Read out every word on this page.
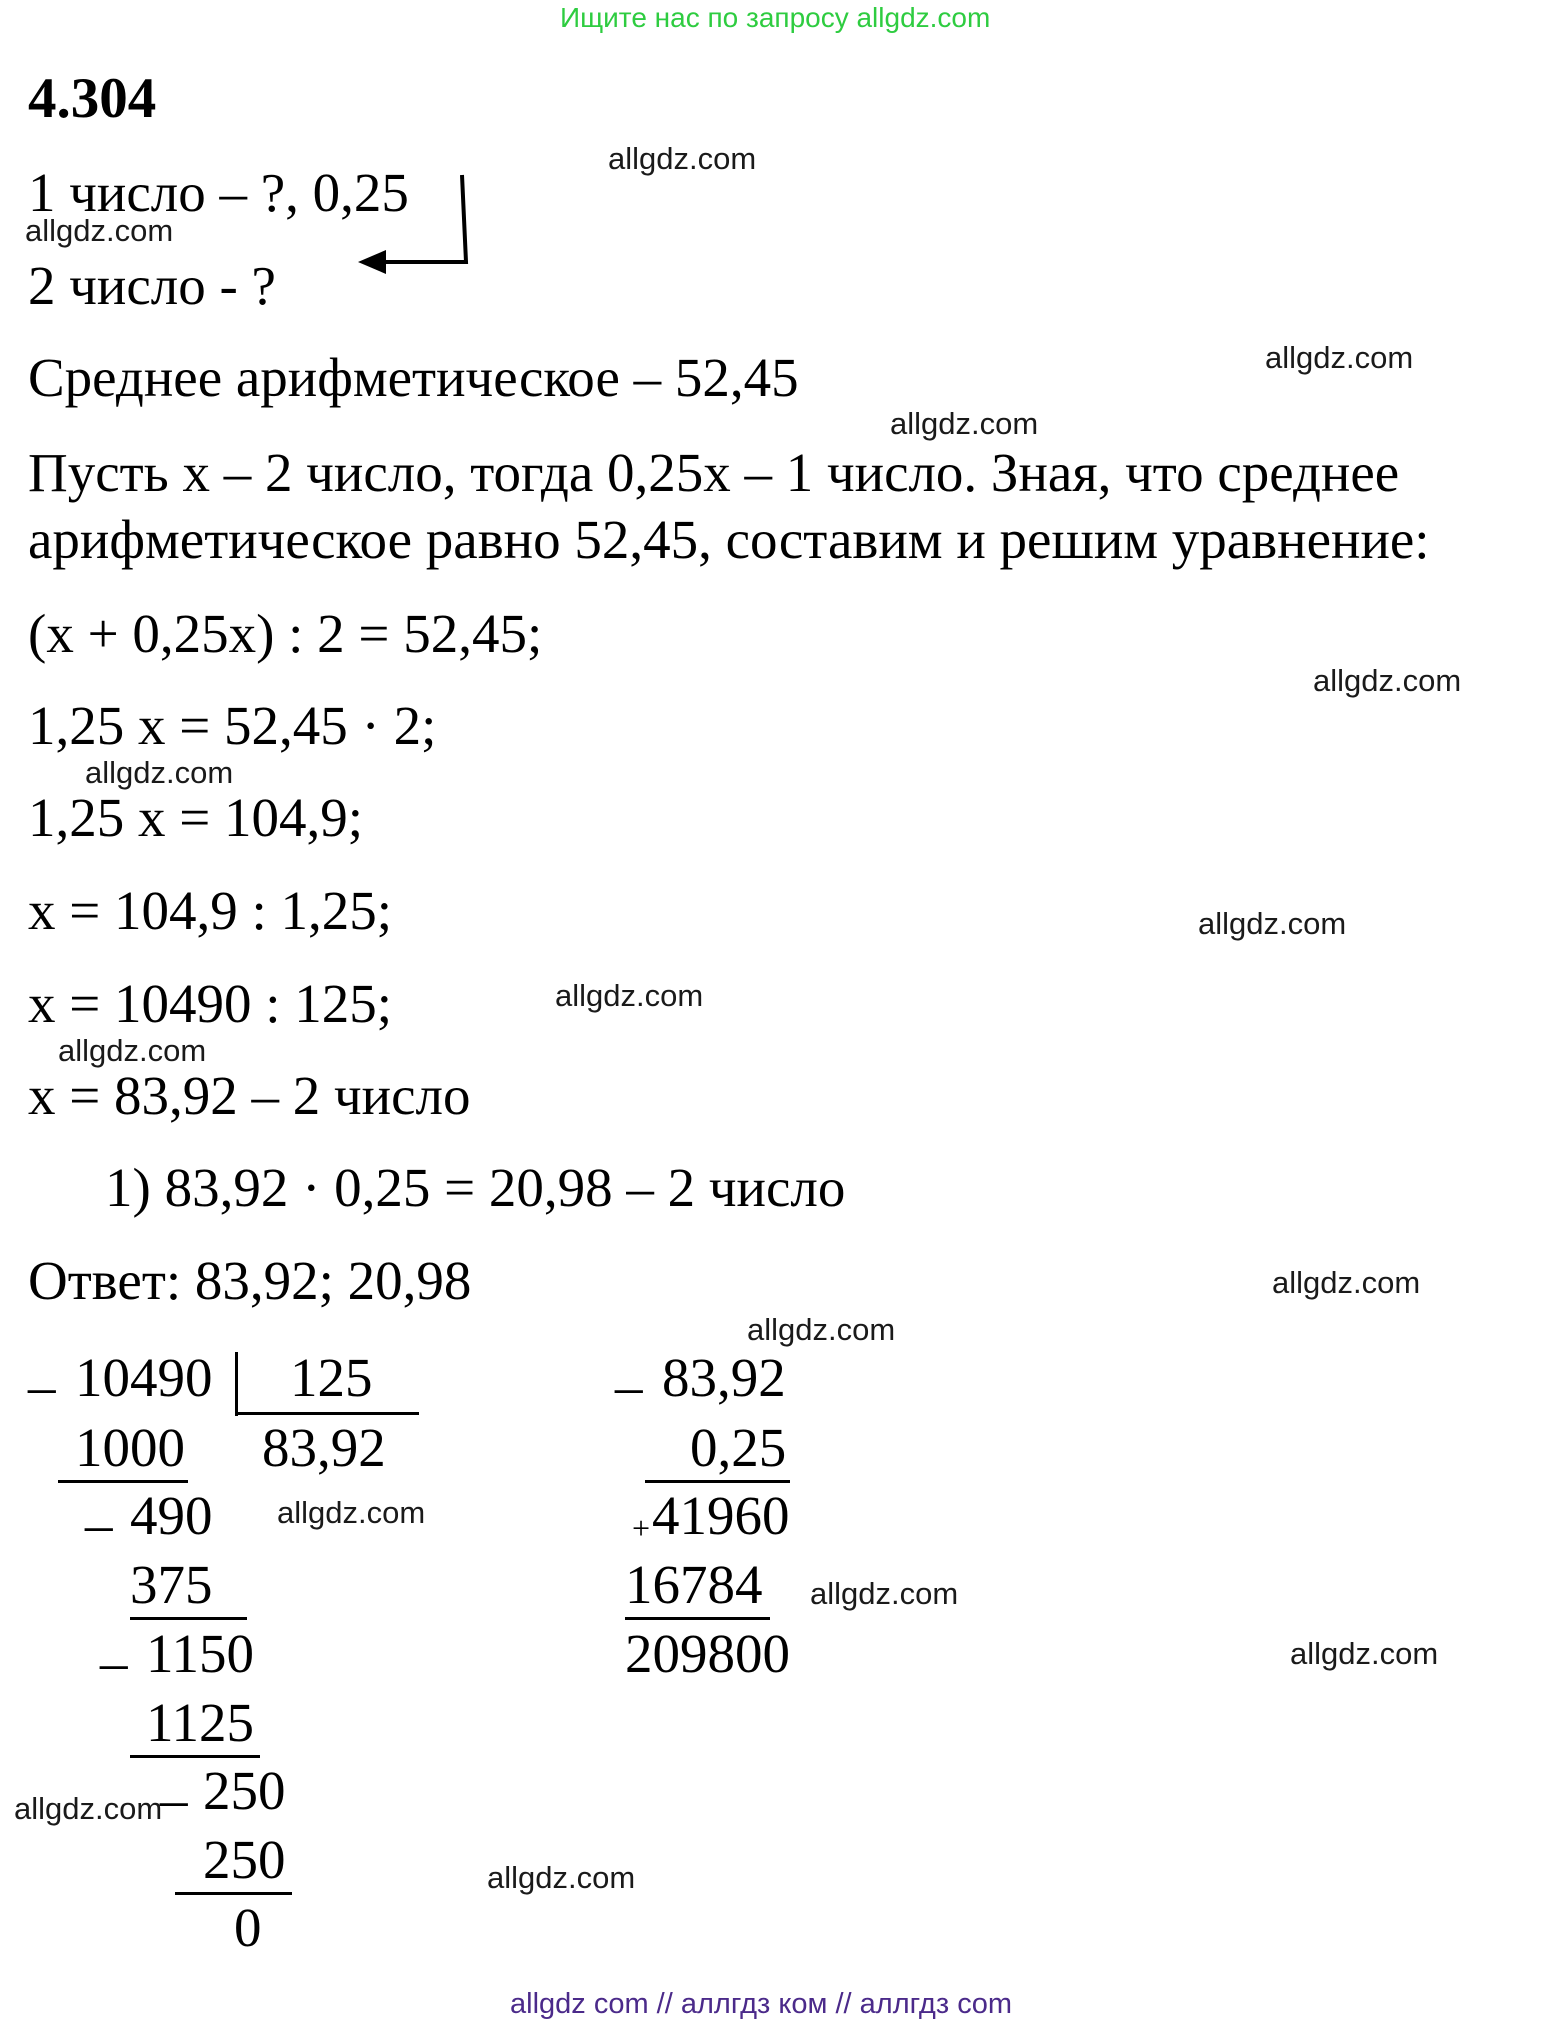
Ищите нас по запросу allgdz.com
allgdz com // аллгдз ком // аллгдз com
4.304
1 число – ?, 0,25
2 число - ?
Среднее арифметическое – 52,45
Пусть x – 2 число, тогда 0,25x – 1 число. Зная, что среднее
арифметическое равно 52,45, составим и решим уравнение:
(x + 0,25x) : 2 = 52,45;
1,25 x = 52,45 · 2;
1,25 x = 104,9;
x = 104,9 : 1,25;
x = 10490 : 125;
x = 83,92 – 2 число
1) 83,92 · 0,25 = 20,98 – 2 число
Ответ: 83,92; 20,98
_ 10490 125
83,92
1000
_ 490
375
_ 1150
1125
_ 250
250
0
_ 83,92
0,25
+ 41960
16784
209800
allgdz.com
allgdz.com
allgdz.com
allgdz.com
allgdz.com
allgdz.com
allgdz.com
allgdz.com
allgdz.com
allgdz.com
allgdz.com
allgdz.com
allgdz.com
allgdz.com
allgdz.com
allgdz.com
